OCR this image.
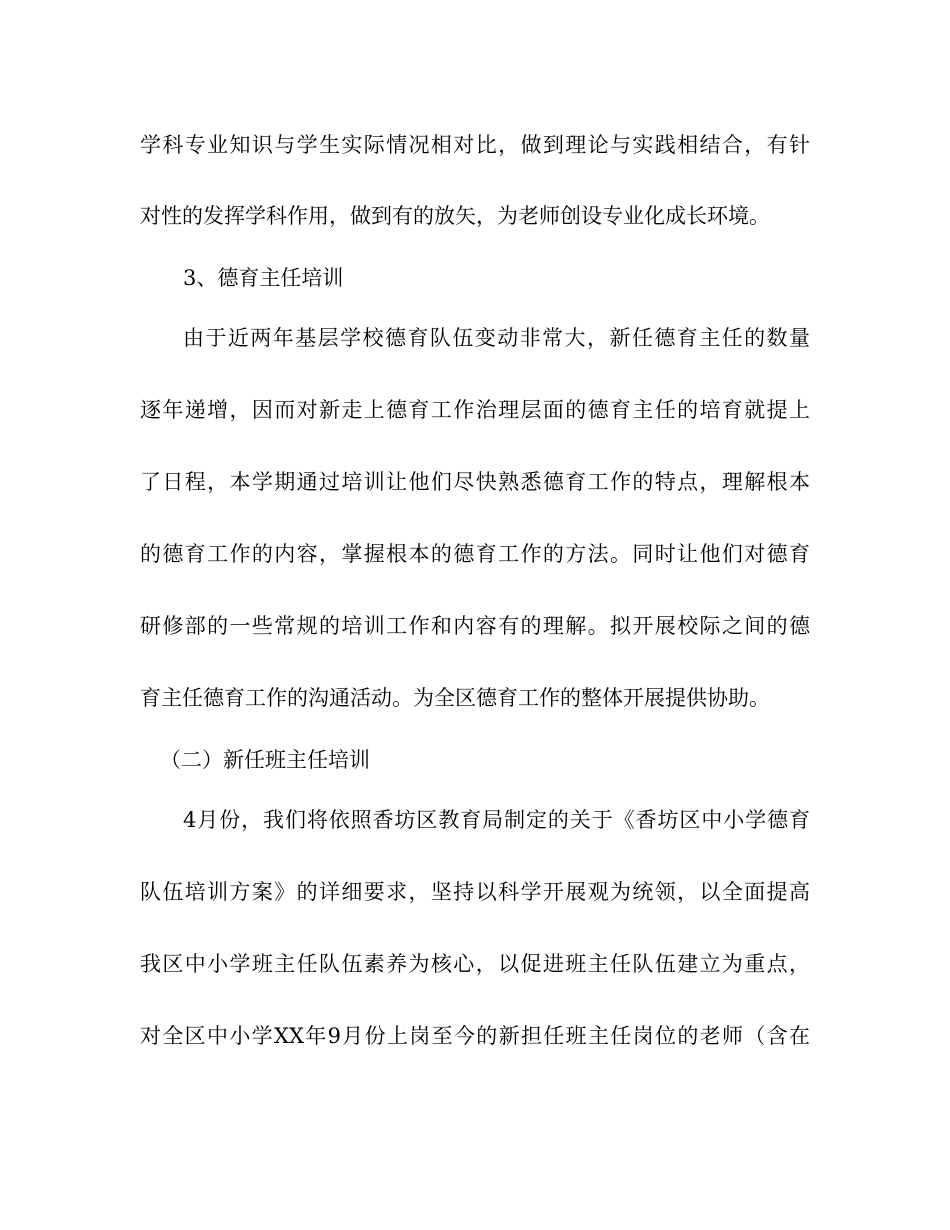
学科专业知识与学生实际情况相对比，做到理论与实践相结合，有针
对性的发挥学科作用，做到有的放矢，为老师创设专业化成长环境。
3、德育主任培训
由于近两年基层学校德育队伍变动非常大，新任德育主任的数量
逐年递增，因而对新走上德育工作治理层面的德育主任的培育就提上
了日程，本学期通过培训让他们尽快熟悉德育工作的特点，理解根本
的德育工作的内容，掌握根本的德育工作的方法。同时让他们对德育
研修部的一些常规的培训工作和内容有的理解。拟开展校际之间的德
育主任德育工作的沟通活动。为全区德育工作的整体开展提供协助。
（二）新任班主任培训
4月份，我们将依照香坊区教育局制定的关于《香坊区中小学德育
队伍培训方案》的详细要求，坚持以科学开展观为统领，以全面提高
我区中小学班主任队伍素养为核心，以促进班主任队伍建立为重点，
对全区中小学XX年9月份上岗至今的新担任班主任岗位的老师（含在
